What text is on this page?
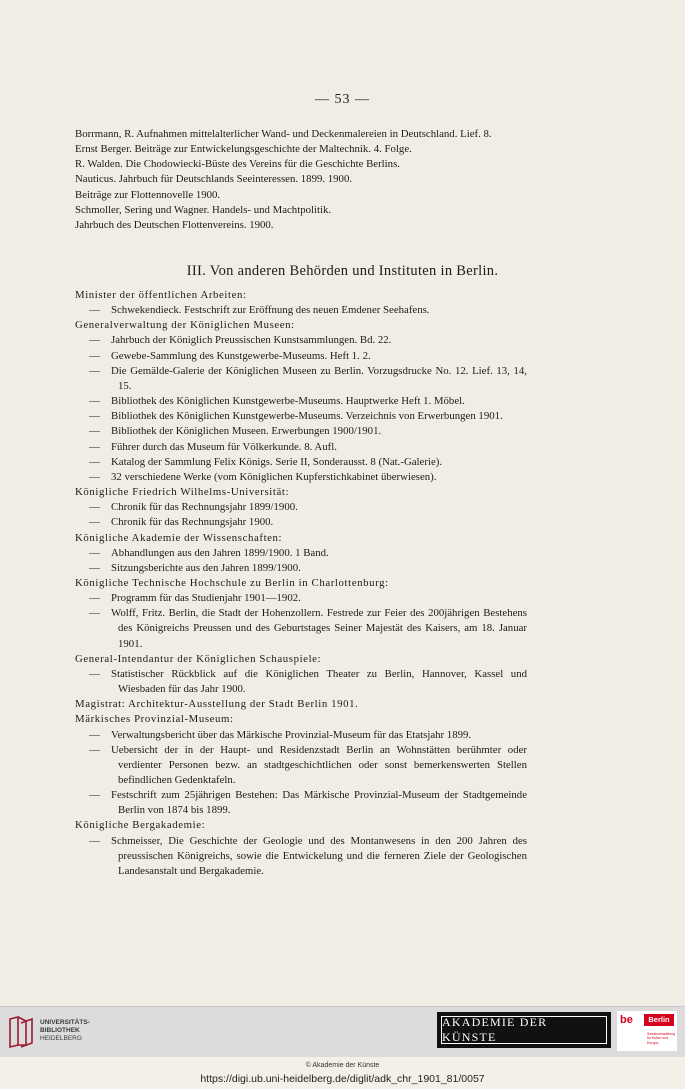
— 53 —
Borrmann, R. Aufnahmen mittelalterlicher Wand- und Deckenmalereien in Deutschland. Lief. 8.
Ernst Berger. Beiträge zur Entwickelungsgeschichte der Maltechnik. 4. Folge.
R. Walden. Die Chodowiecki-Büste des Vereins für die Geschichte Berlins.
Nauticus. Jahrbuch für Deutschlands Seeinteressen. 1899. 1900.
Beiträge zur Flottennovelle 1900.
Schmoller, Sering und Wagner. Handels- und Machtpolitik.
Jahrbuch des Deutschen Flottenvereins. 1900.
III. Von anderen Behörden und Instituten in Berlin.
Minister der öffentlichen Arbeiten:
— Schwekendieck. Festschrift zur Eröffnung des neuen Emdener Seehafens.
Generalverwaltung der Königlichen Museen:
— Jahrbuch der Königlich Preussischen Kunstsammlungen. Bd. 22.
— Gewebe-Sammlung des Kunstgewerbe-Museums. Heft 1. 2.
— Die Gemälde-Galerie der Königlichen Museen zu Berlin. Vorzugsdrucke No. 12. Lief. 13, 14, 15.
— Bibliothek des Königlichen Kunstgewerbe-Museums. Hauptwerke Heft 1. Möbel.
— Bibliothek des Königlichen Kunstgewerbe-Museums. Verzeichnis von Erwerbungen 1901.
— Bibliothek der Königlichen Museen. Erwerbungen 1900/1901.
— Führer durch das Museum für Völkerkunde. 8. Aufl.
— Katalog der Sammlung Felix Königs. Serie II, Sonderausst. 8 (Nat.-Galerie).
— 32 verschiedene Werke (vom Königlichen Kupferstichkabinet überwiesen).
Königliche Friedrich Wilhelms-Universität:
— Chronik für das Rechnungsjahr 1899/1900.
— Chronik für das Rechnungsjahr 1900.
Königliche Akademie der Wissenschaften:
— Abhandlungen aus den Jahren 1899/1900. 1 Band.
— Sitzungsberichte aus den Jahren 1899/1900.
Königliche Technische Hochschule zu Berlin in Charlottenburg:
— Programm für das Studienjahr 1901—1902.
— Wolff, Fritz. Berlin, die Stadt der Hohenzollern. Festrede zur Feier des 200jährigen Bestehens des Königreichs Preussen und des Geburtstages Seiner Majestät des Kaisers, am 18. Januar 1901.
General-Intendantur der Königlichen Schauspiele:
— Statistischer Rückblick auf die Königlichen Theater zu Berlin, Hannover, Kassel und Wiesbaden für das Jahr 1900.
Magistrat: Architektur-Ausstellung der Stadt Berlin 1901.
Märkisches Provinzial-Museum:
— Verwaltungsbericht über das Märkische Provinzial-Museum für das Etatsjahr 1899.
— Uebersicht der in der Haupt- und Residenzstadt Berlin an Wohnstätten berühmter oder verdienter Personen bezw. an stadtgeschichtlichen oder sonst bemerkenswerten Stellen befindlichen Gedenktafeln.
— Festschrift zum 25jährigen Bestehen: Das Märkische Provinzial-Museum der Stadtgemeinde Berlin von 1874 bis 1899.
Königliche Bergakademie:
— Schmeisser, Die Geschichte der Geologie und des Montanwesens in den 200 Jahren des preussischen Königreichs, sowie die Entwickelung und die ferneren Ziele der Geologischen Landesanstalt und Bergakademie.
UNIVERSITÄTS-
BIBLIOTHEK
HEIDELBERG
AKADEMIE DER KÜNSTE
be	Berlin
Senatsverwaltung für Kultur und Europa
© Akademie der Künste
https://digi.ub.uni-heidelberg.de/diglit/adk_chr_1901_81/0057
